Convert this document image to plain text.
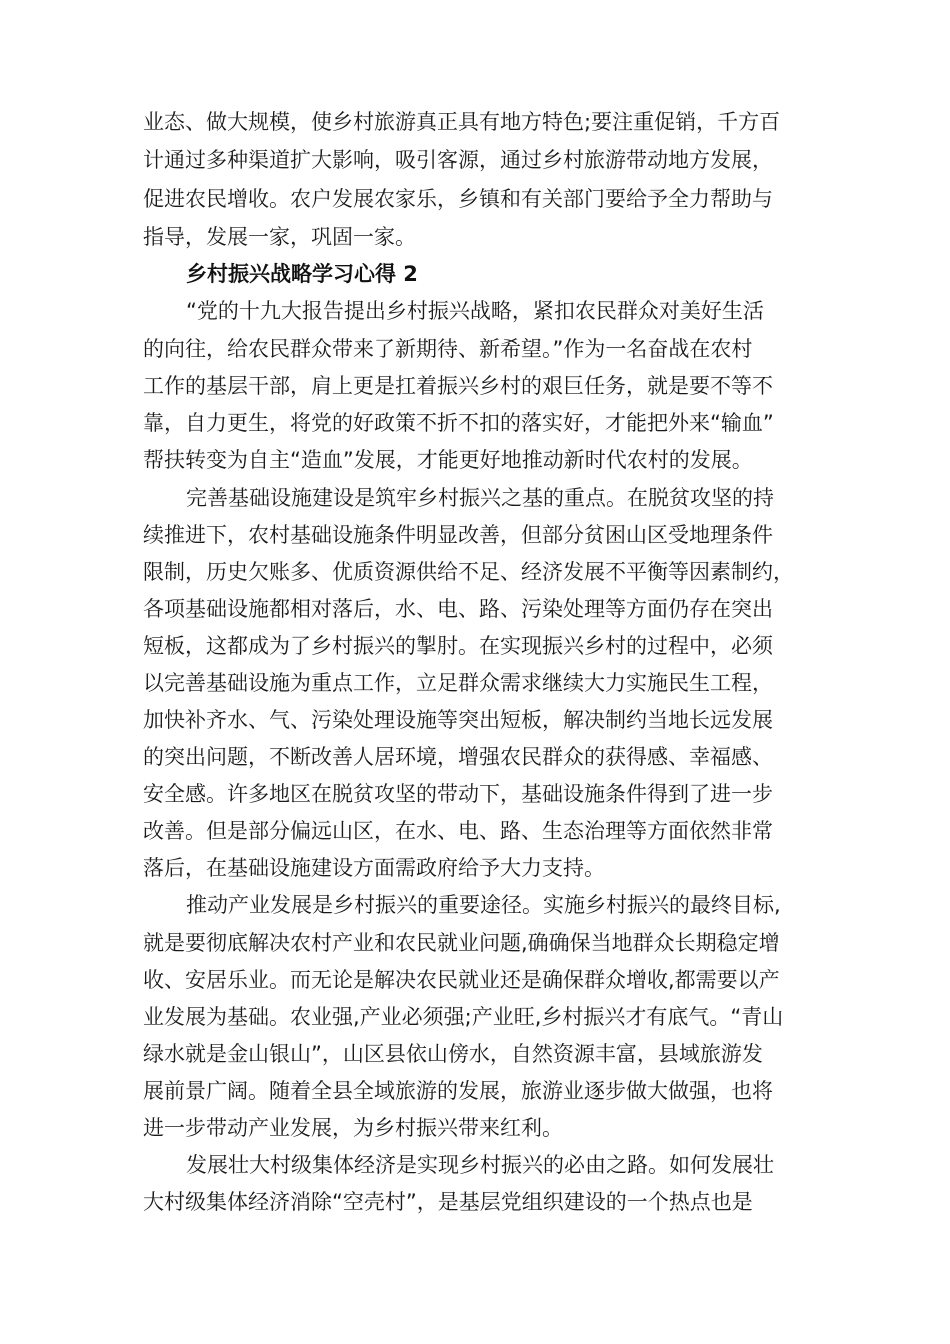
业态、做大规模，使乡村旅游真正具有地方特色;要注重促销，千方百

计通过多种渠道扩大影响，吸引客源，通过乡村旅游带动地方发展，

促进农民增收。农户发展农家乐，乡镇和有关部门要给予全力帮助与

指导，发展一家，巩固一家。

乡村振兴战略学习心得 2

“党的十九大报告提出乡村振兴战略，紧扣农民群众对美好生活

的向往，给农民群众带来了新期待、新希望。”作为一名奋战在农村

工作的基层干部，肩上更是扛着振兴乡村的艰巨任务，就是要不等不

靠，自力更生，将党的好政策不折不扣的落实好，才能把外来“输血”

帮扶转变为自主“造血”发展，才能更好地推动新时代农村的发展。

完善基础设施建设是筑牢乡村振兴之基的重点。在脱贫攻坚的持

续推进下，农村基础设施条件明显改善，但部分贫困山区受地理条件

限制，历史欠账多、优质资源供给不足、经济发展不平衡等因素制约，

各项基础设施都相对落后，水、电、路、污染处理等方面仍存在突出

短板，这都成为了乡村振兴的掣肘。在实现振兴乡村的过程中，必须

以完善基础设施为重点工作，立足群众需求继续大力实施民生工程，

加快补齐水、气、污染处理设施等突出短板，解决制约当地长远发展

的突出问题，不断改善人居环境，增强农民群众的获得感、幸福感、

安全感。许多地区在脱贫攻坚的带动下，基础设施条件得到了进一步

改善。但是部分偏远山区，在水、电、路、生态治理等方面依然非常

落后，在基础设施建设方面需政府给予大力支持。

推动产业发展是乡村振兴的重要途径。实施乡村振兴的最终目标,

就是要彻底解决农村产业和农民就业问题,确确保当地群众长期稳定增

收、安居乐业。而无论是解决农民就业还是确保群众增收,都需要以产

业发展为基础。农业强,产业必须强;产业旺,乡村振兴才有底气。“青山

绿水就是金山银山”，山区县依山傍水，自然资源丰富，县域旅游发

展前景广阔。随着全县全域旅游的发展，旅游业逐步做大做强，也将

进一步带动产业发展，为乡村振兴带来红利。

发展壮大村级集体经济是实现乡村振兴的必由之路。如何发展壮

大村级集体经济消除“空壳村”，是基层党组织建设的一个热点也是
